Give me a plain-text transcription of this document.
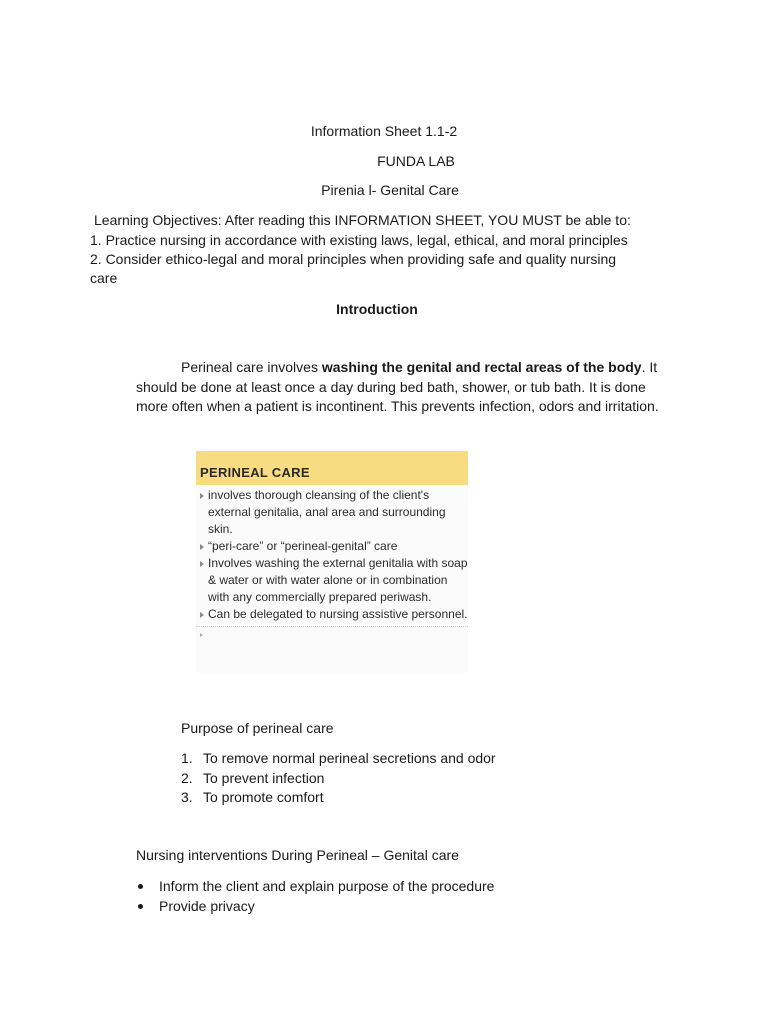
Information Sheet 1.1-2
FUNDA LAB
Pirenia l- Genital Care
Learning Objectives: After reading this INFORMATION SHEET, YOU MUST be able to:
1. Practice nursing in accordance with existing laws, legal, ethical, and moral principles
2. Consider ethico-legal and moral principles when providing safe and quality nursing
care
Introduction
Perineal care involves washing the genital and rectal areas of the body. It should be done at least once a day during bed bath, shower, or tub bath. It is done more often when a patient is incontinent. This prevents infection, odors and irritation.
PERINEAL CARE
involves thorough cleansing of the client's external genitalia, anal area and surrounding skin.
“peri-care” or “perineal-genital” care
Involves washing the external genitalia with soap & water or with water alone or in combination with any commercially prepared periwash.
Can be delegated to nursing assistive personnel.
Purpose of perineal care
1. To remove normal perineal secretions and odor
2. To prevent infection
3. To promote comfort
Nursing interventions During Perineal – Genital care
Inform the client and explain purpose of the procedure
Provide privacy
